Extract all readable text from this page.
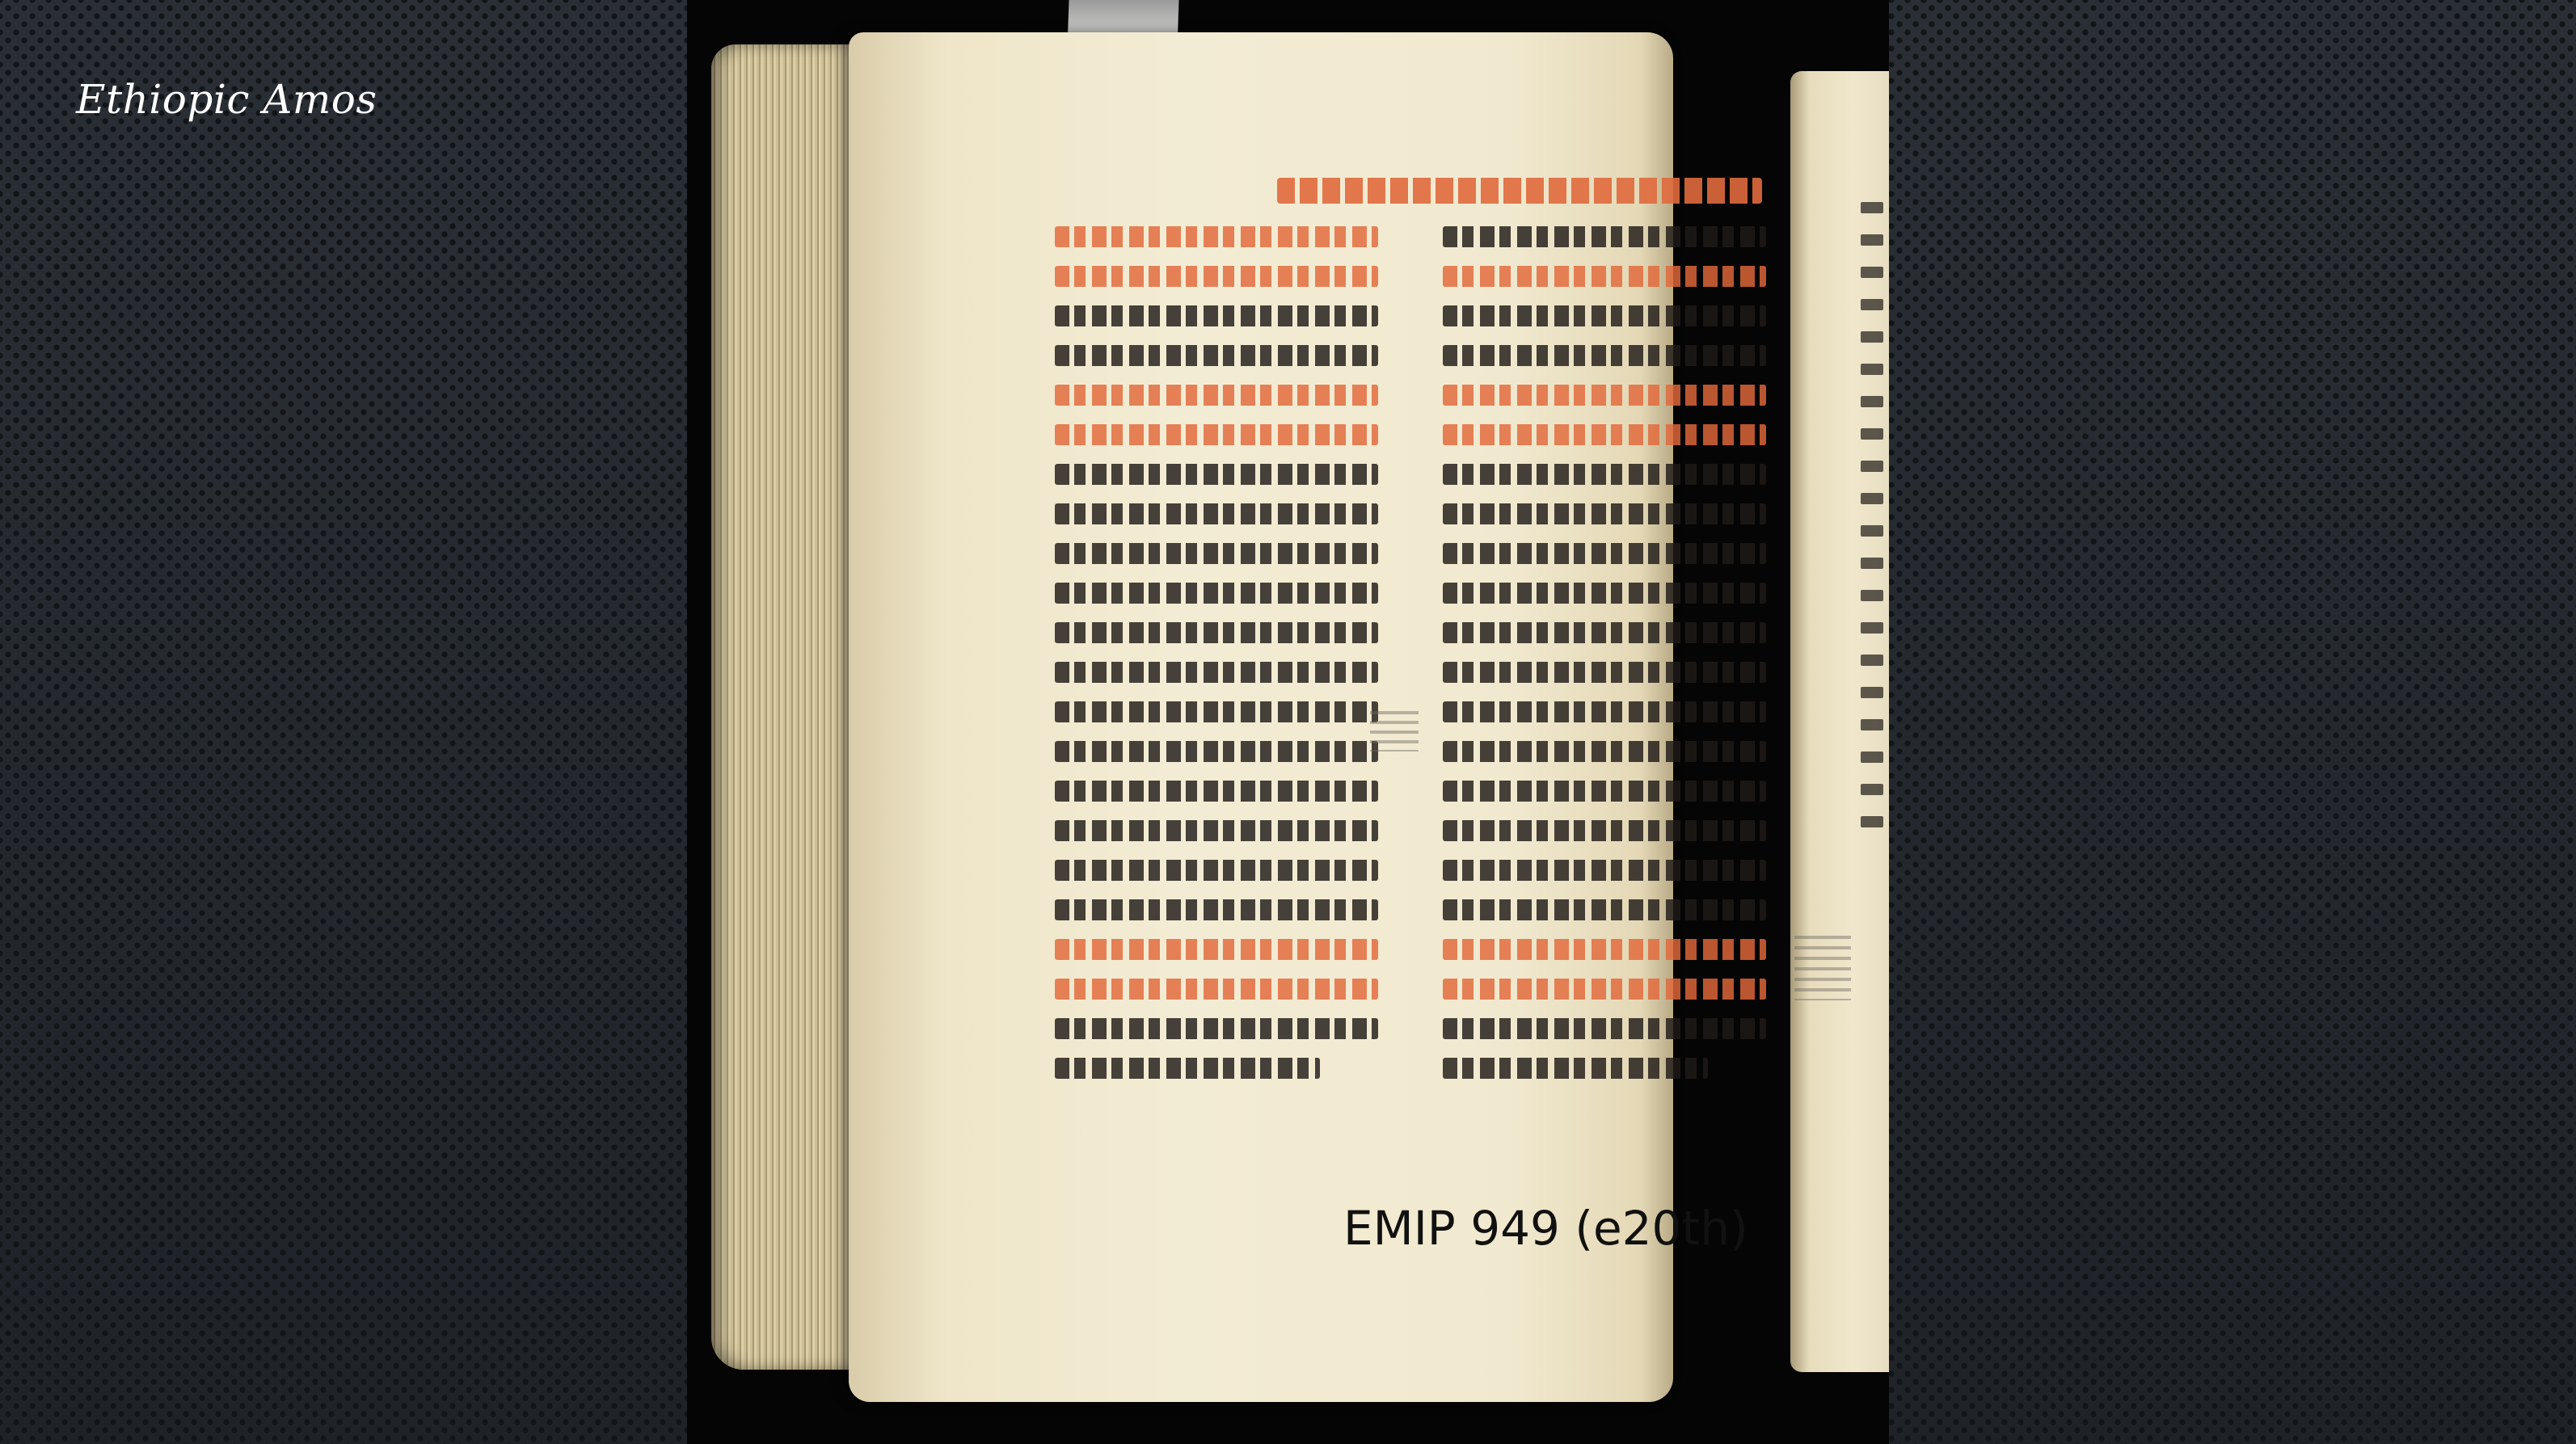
Ethiopic Amos
EMIP 949 (e20th)
